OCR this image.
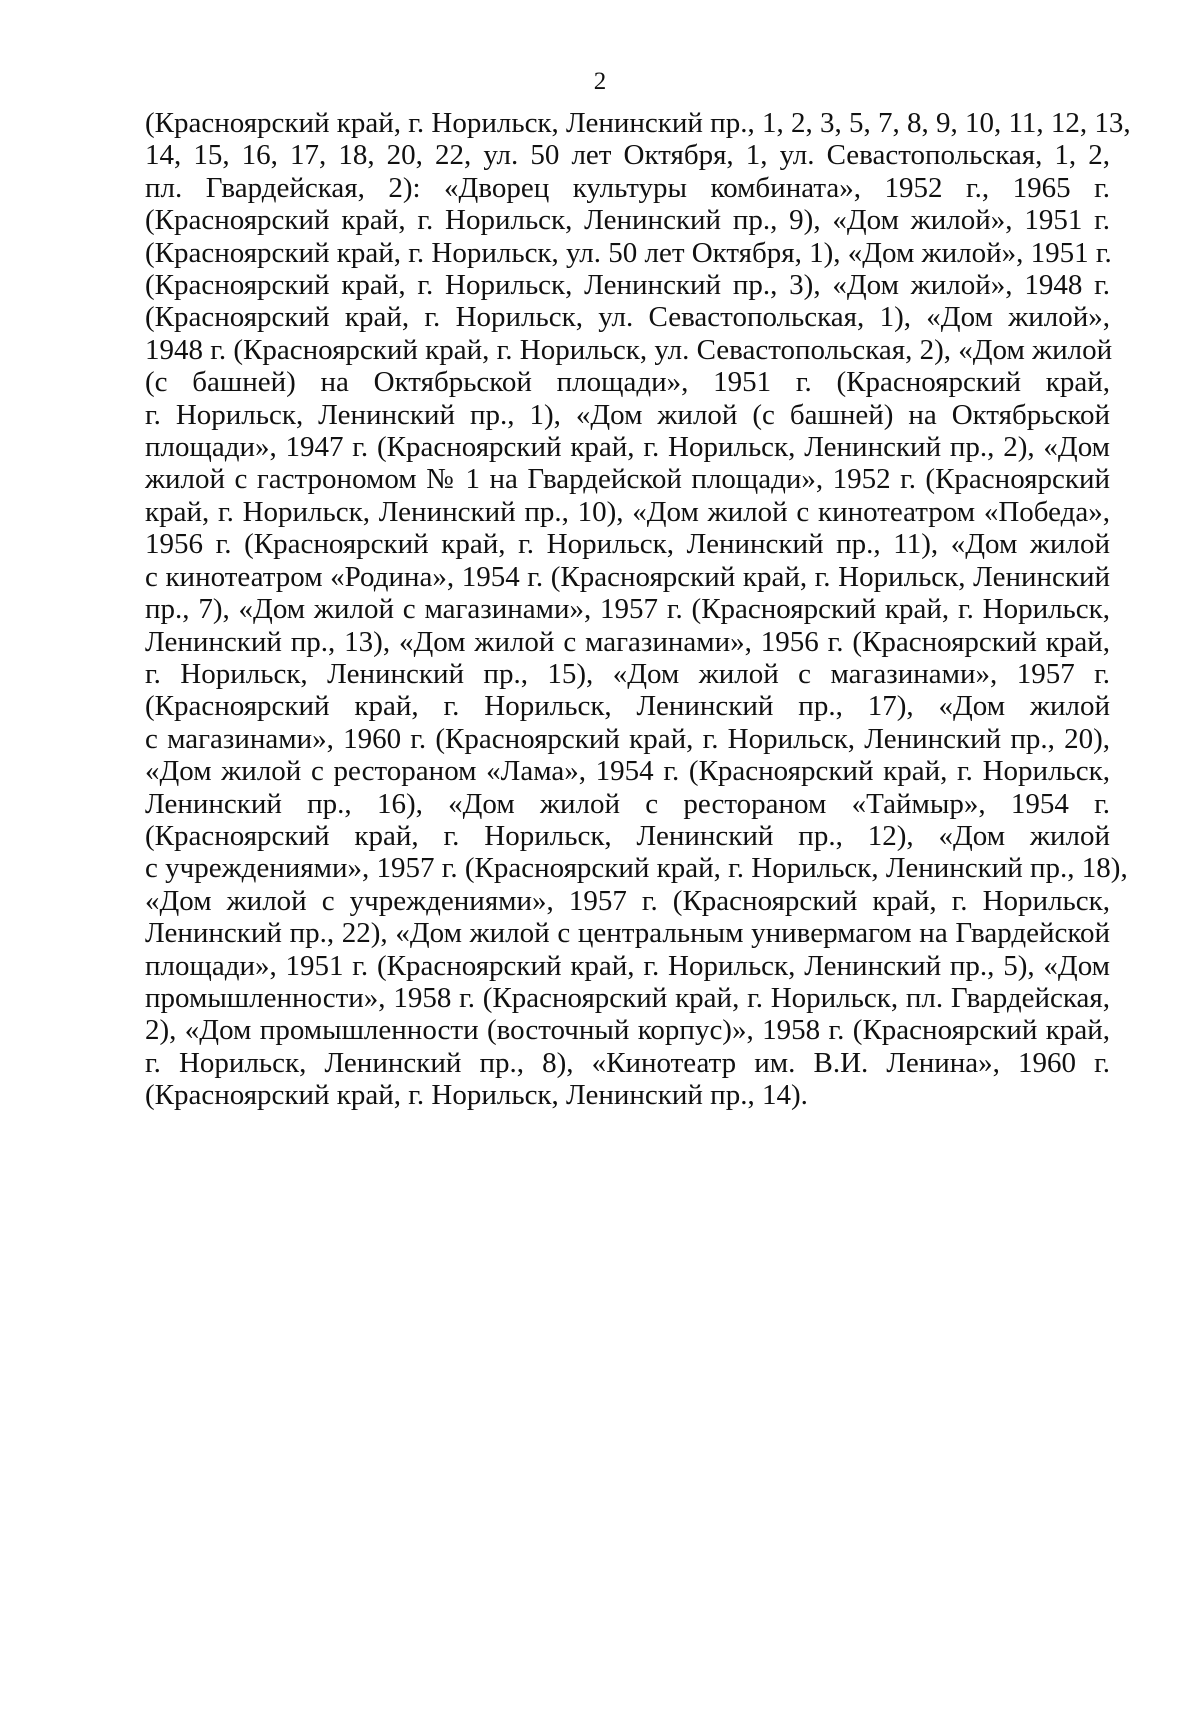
2
(Красноярский край, г. Норильск, Ленинский пр., 1, 2, 3, 5, 7, 8, 9, 10, 11, 12, 13,
14, 15, 16, 17, 18, 20, 22, ул. 50 лет Октября, 1, ул. Севастопольская, 1, 2,
пл. Гвардейская, 2): «Дворец культуры комбината», 1952 г., 1965 г.
(Красноярский край, г. Норильск, Ленинский пр., 9), «Дом жилой», 1951 г.
(Красноярский край, г. Норильск, ул. 50 лет Октября, 1), «Дом жилой», 1951 г.
(Красноярский край, г. Норильск, Ленинский пр., 3), «Дом жилой», 1948 г.
(Красноярский край, г. Норильск, ул. Севастопольская, 1), «Дом жилой»,
1948 г. (Красноярский край, г. Норильск, ул. Севастопольская, 2), «Дом жилой
(с башней) на Октябрьской площади», 1951 г. (Красноярский край,
г. Норильск, Ленинский пр., 1), «Дом жилой (с башней) на Октябрьской
площади», 1947 г. (Красноярский край, г. Норильск, Ленинский пр., 2), «Дом
жилой с гастрономом № 1 на Гвардейской площади», 1952 г. (Красноярский
край, г. Норильск, Ленинский пр., 10), «Дом жилой с кинотеатром «Победа»,
1956 г. (Красноярский край, г. Норильск, Ленинский пр., 11), «Дом жилой
с кинотеатром «Родина», 1954 г. (Красноярский край, г. Норильск, Ленинский
пр., 7), «Дом жилой с магазинами», 1957 г. (Красноярский край, г. Норильск,
Ленинский пр., 13), «Дом жилой с магазинами», 1956 г. (Красноярский край,
г. Норильск, Ленинский пр., 15), «Дом жилой с магазинами», 1957 г.
(Красноярский край, г. Норильск, Ленинский пр., 17), «Дом жилой
с магазинами», 1960 г. (Красноярский край, г. Норильск, Ленинский пр., 20),
«Дом жилой с рестораном «Лама», 1954 г. (Красноярский край, г. Норильск,
Ленинский пр., 16), «Дом жилой с рестораном «Таймыр», 1954 г.
(Красноярский край, г. Норильск, Ленинский пр., 12), «Дом жилой
с учреждениями», 1957 г. (Красноярский край, г. Норильск, Ленинский пр., 18),
«Дом жилой с учреждениями», 1957 г. (Красноярский край, г. Норильск,
Ленинский пр., 22), «Дом жилой с центральным универмагом на Гвардейской
площади», 1951 г. (Красноярский край, г. Норильск, Ленинский пр., 5), «Дом
промышленности», 1958 г. (Красноярский край, г. Норильск, пл. Гвардейская,
2), «Дом промышленности (восточный корпус)», 1958 г. (Красноярский край,
г. Норильск, Ленинский пр., 8), «Кинотеатр им. В.И. Ленина», 1960 г.
(Красноярский край, г. Норильск, Ленинский пр., 14).
